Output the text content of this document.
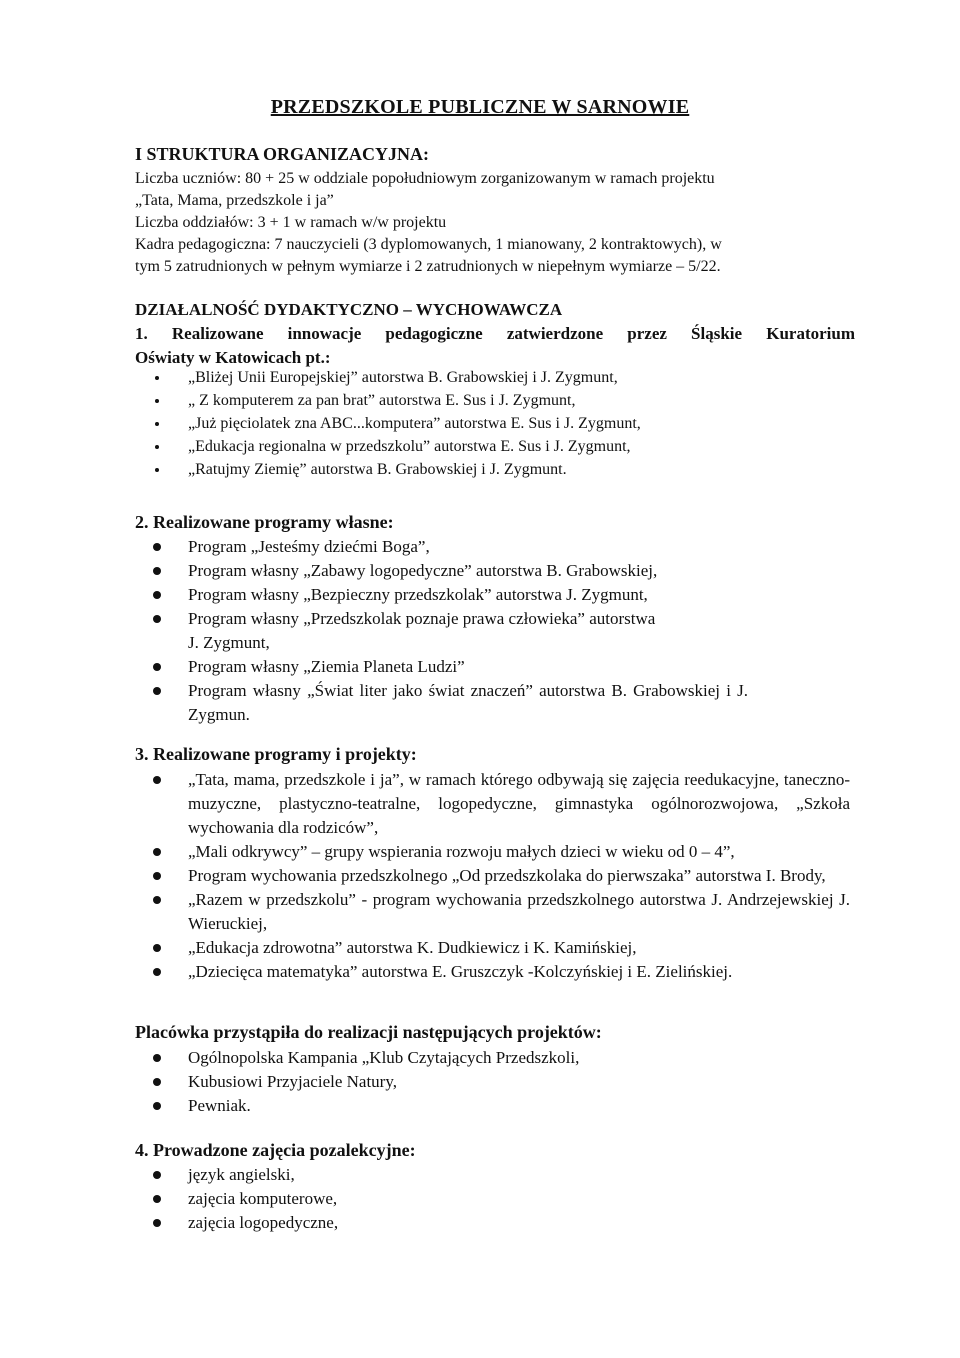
PRZEDSZKOLE PUBLICZNE W SARNOWIE
I STRUKTURA ORGANIZACYJNA:
Liczba uczniów: 80 + 25 w oddziale popołudniowym zorganizowanym w ramach projektu
„Tata, Mama, przedszkole i ja”
Liczba oddziałów: 3 + 1 w ramach w/w projektu
Kadra pedagogiczna: 7 nauczycieli (3 dyplomowanych, 1 mianowany, 2 kontraktowych), w
tym 5 zatrudnionych w pełnym wymiarze i 2 zatrudnionych w niepełnym wymiarze – 5/22.
DZIAŁALNOŚĆ DYDAKTYCZNO – WYCHOWAWCZA
1. Realizowane innowacje pedagogiczne zatwierdzone przez Śląskie Kuratorium
Oświaty w Katowicach pt.:
„Bliżej Unii Europejskiej” autorstwa B. Grabowskiej i J. Zygmunt,
„ Z komputerem za pan brat” autorstwa E. Sus i J. Zygmunt,
„Już pięciolatek zna ABC...komputera” autorstwa E. Sus i J. Zygmunt,
„Edukacja regionalna w przedszkolu” autorstwa E. Sus i J. Zygmunt,
„Ratujmy Ziemię” autorstwa B. Grabowskiej i J. Zygmunt.
2. Realizowane programy własne:
Program „Jesteśmy dziećmi Boga”,
Program własny „Zabawy logopedyczne” autorstwa B. Grabowskiej,
Program własny „Bezpieczny przedszkolak” autorstwa J. Zygmunt,
Program własny „Przedszkolak poznaje prawa człowieka” autorstwa J. Zygmunt,
Program własny „Ziemia Planeta Ludzi”
Program własny „Świat liter jako świat znaczeń” autorstwa B. Grabowskiej i J. Zygmun.
3. Realizowane programy i projekty:
„Tata, mama, przedszkole i ja”, w ramach którego odbywają się zajęcia reedukacyjne, taneczno-muzyczne, plastyczno-teatralne, logopedyczne, gimnastyka ogólnorozwojowa, „Szkoła wychowania dla rodziców”,
„Mali odkrywcy” – grupy wspierania rozwoju małych dzieci w wieku od 0 – 4”,
Program wychowania przedszkolnego „Od przedszkolaka do pierwszaka” autorstwa I. Brody,
„Razem w przedszkolu” - program wychowania przedszkolnego autorstwa J. Andrzejewskiej J. Wieruckiej,
„Edukacja zdrowotna” autorstwa K. Dudkiewicz i K. Kamińskiej,
„Dziecięca matematyka” autorstwa E. Gruszczyk -Kolczyńskiej i E. Zielińskiej.
Placówka przystąpiła do realizacji następujących projektów:
Ogólnopolska Kampania „Klub Czytających Przedszkoli,
Kubusiowi Przyjaciele Natury,
Pewniak.
4. Prowadzone zajęcia pozalekcyjne:
język angielski,
zajęcia komputerowe,
zajęcia logopedyczne,
